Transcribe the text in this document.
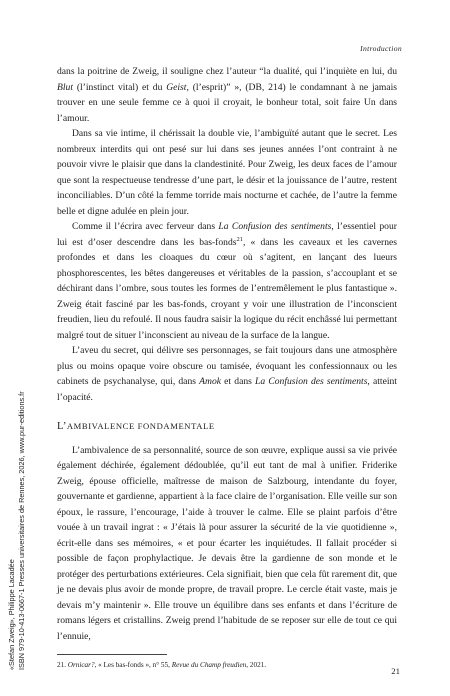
Introduction

dans la poitrine de Zweig, il souligne chez l’auteur “la dualité, qui l’inquiète en lui, du Blut (l’instinct vital) et du Geist, (l’esprit)” », (DB, 214) le condamnant à ne jamais trouver en une seule femme ce à quoi il croyait, le bonheur total, soit faire Un dans l’amour.

Dans sa vie intime, il chérissait la double vie, l’ambiguïté autant que le secret. Les nombreux interdits qui ont pesé sur lui dans ses jeunes années l’ont contraint à ne pouvoir vivre le plaisir que dans la clandestinité. Pour Zweig, les deux faces de l’amour que sont la respectueuse tendresse d’une part, le désir et la jouissance de l’autre, restent inconciliables. D’un côté la femme torride mais nocturne et cachée, de l’autre la femme belle et digne adulée en plein jour.

Comme il l’écrira avec ferveur dans La Confusion des sentiments, l’essentiel pour lui est d’oser descendre dans les bas-fonds$^{21}$, « dans les caveaux et les cavernes profondes et dans les cloaques du cœur où s’agitent, en lançant des lueurs phosphorescentes, les bêtes dangereuses et véritables de la passion, s’accouplant et se déchirant dans l’ombre, sous toutes les formes de l’entremêlement le plus fantastique ». Zweig était fasciné par les bas-fonds, croyant y voir une illustration de l’inconscient freudien, lieu du refoulé. Il nous faudra saisir la logique du récit enchâssé lui permettant malgré tout de situer l’inconscient au niveau de la surface de la langue.

L’aveu du secret, qui délivre ses personnages, se fait toujours dans une atmosphère plus ou moins opaque voire obscure ou tamisée, évoquant les confessionnaux ou les cabinets de psychanalyse, qui, dans Amok et dans La Confusion des sentiments, atteint l’opacité.

L’AMBIVALENCE FONDAMENTALE

L’ambivalence de sa personnalité, source de son œuvre, explique aussi sa vie privée également déchirée, également dédoublée, qu’il eut tant de mal à unifier. Friderike Zweig, épouse officielle, maîtresse de maison de Salzbourg, intendante du foyer, gouvernante et gardienne, appartient à la face claire de l’organisation. Elle veille sur son époux, le rassure, l’encourage, l’aide à trouver le calme. Elle se plaint parfois d’être vouée à un travail ingrat : « J’étais là pour assurer la sécurité de la vie quotidienne », écrit-elle dans ses mémoires, « et pour écarter les inquiétudes. Il fallait procéder si possible de façon prophylactique. Je devais être la gardienne de son monde et le protéger des perturbations extérieures. Cela signifiait, bien que cela fût rarement dit, que je ne devais plus avoir de monde propre, de travail propre. Le cercle était vaste, mais je devais m’y maintenir ». Elle trouve un équilibre dans ses enfants et dans l’écriture de romans légers et cristallins. Zweig prend l’habitude de se reposer sur elle de tout ce qui l’ennuie,

21. Ornicar?, « Les bas-fonds », n° 55, Revue du Champ freudien, 2021.
21
«Stefan Zweig», Philippe Lacadée ISBN 979-10-413-0667-1 Presses universitaires de Rennes, 2026, www.pur-editions.fr
